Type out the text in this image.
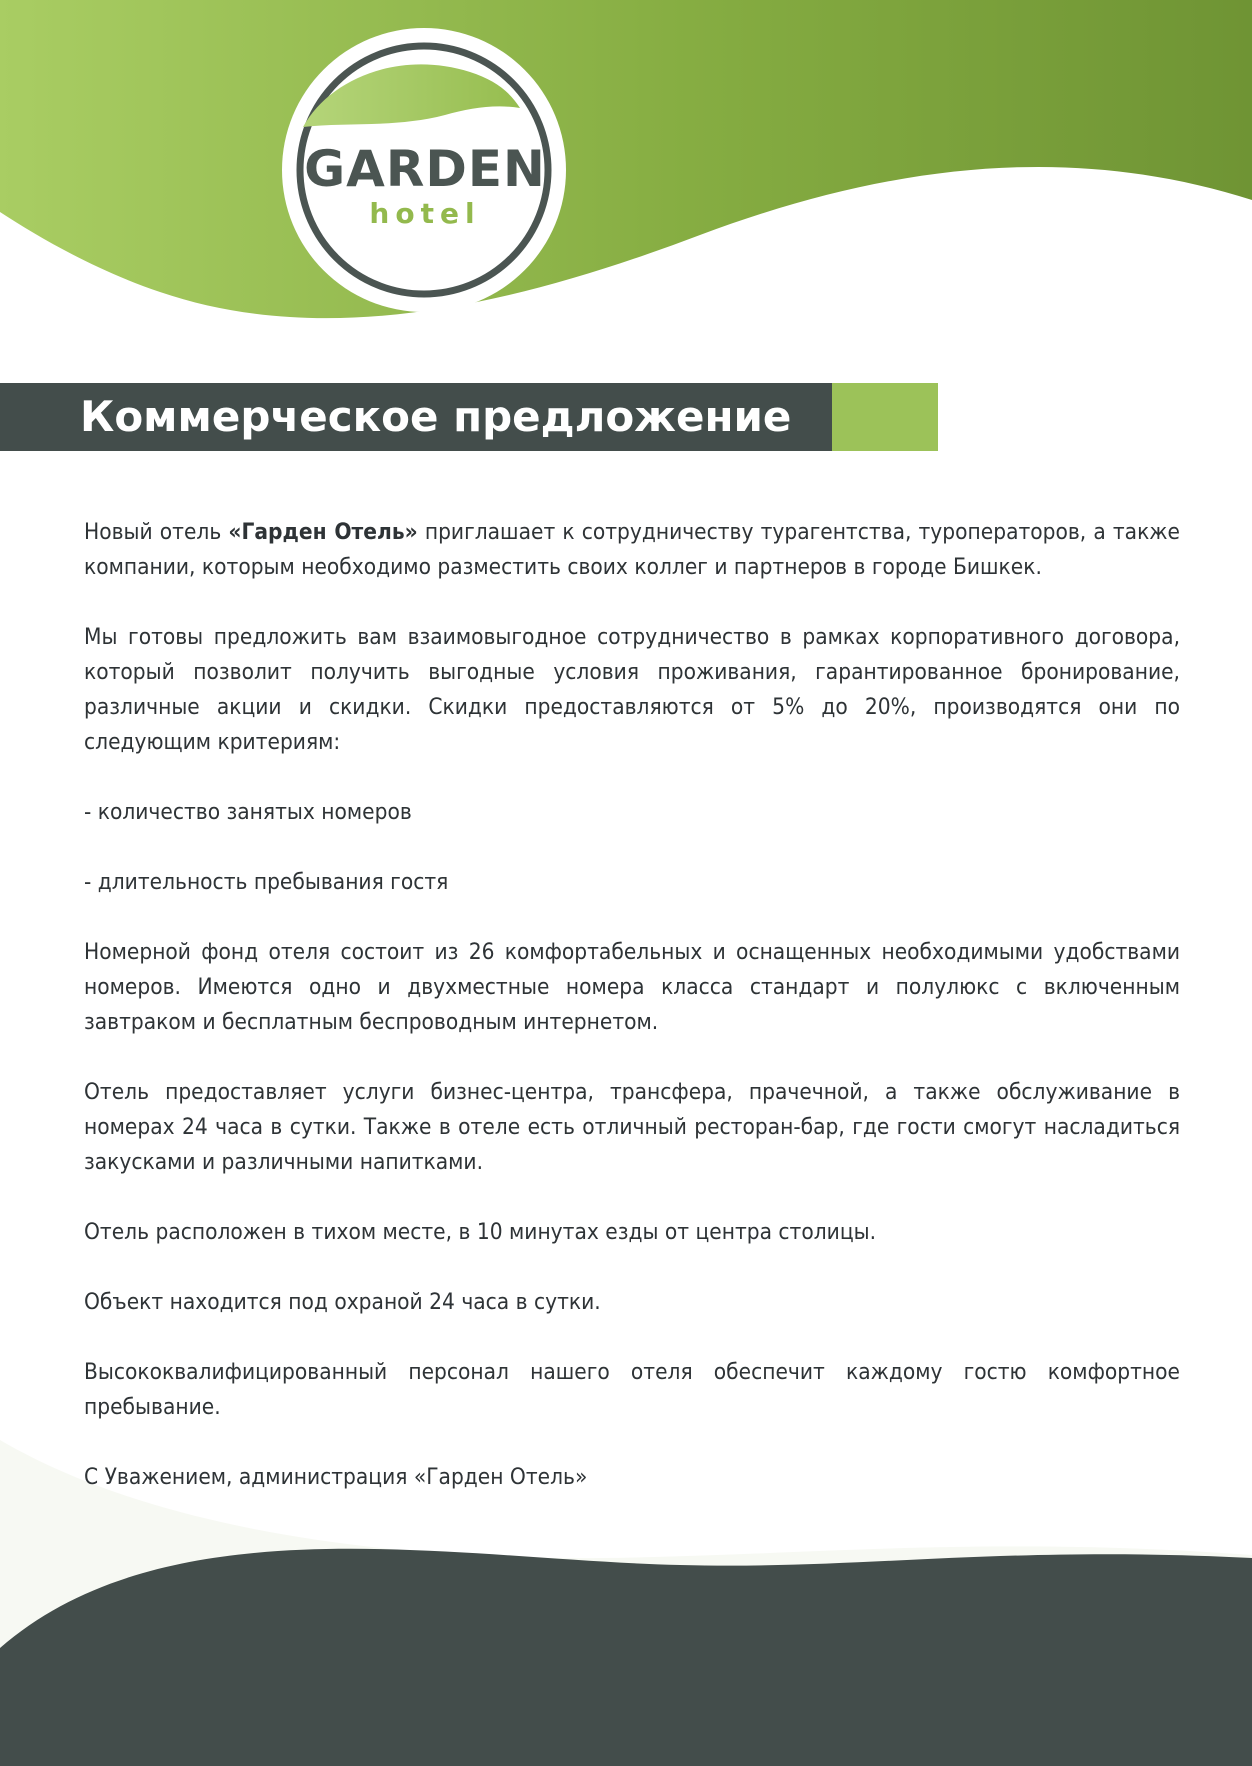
GARDEN
hotel
Коммерческое предложение

Новый отель «Гарден Отель» приглашает к сотрудничеству турагентства, туроператоров, а также компании, которым необходимо разместить своих коллег и партнеров в городе Бишкек.

Мы готовы предложить вам взаимовыгодное сотрудничество в рамках корпоративного договора, который позволит получить выгодные условия проживания, гарантированное бронирование, различные акции и скидки. Скидки предоставляются от 5% до 20%, производятся они по следующим критериям:

- количество занятых номеров

- длительность пребывания гостя

Номерной фонд отеля состоит из 26 комфортабельных и оснащенных необходимыми удобствами номеров. Имеются одно и двухместные номера класса стандарт и полулюкс с включенным завтраком и бесплатным беспроводным интернетом.

Отель предоставляет услуги бизнес-центра, трансфера, прачечной, а также обслуживание в номерах 24 часа в сутки. Также в отеле есть отличный ресторан-бар, где гости смогут насладиться закусками и различными напитками.

Отель расположен в тихом месте, в 10 минутах езды от центра столицы.

Объект находится под охраной 24 часа в сутки.

Высококвалифицированный персонал нашего отеля обеспечит каждому гостю комфортное пребывание.

С Уважением, администрация «Гарден Отель»
